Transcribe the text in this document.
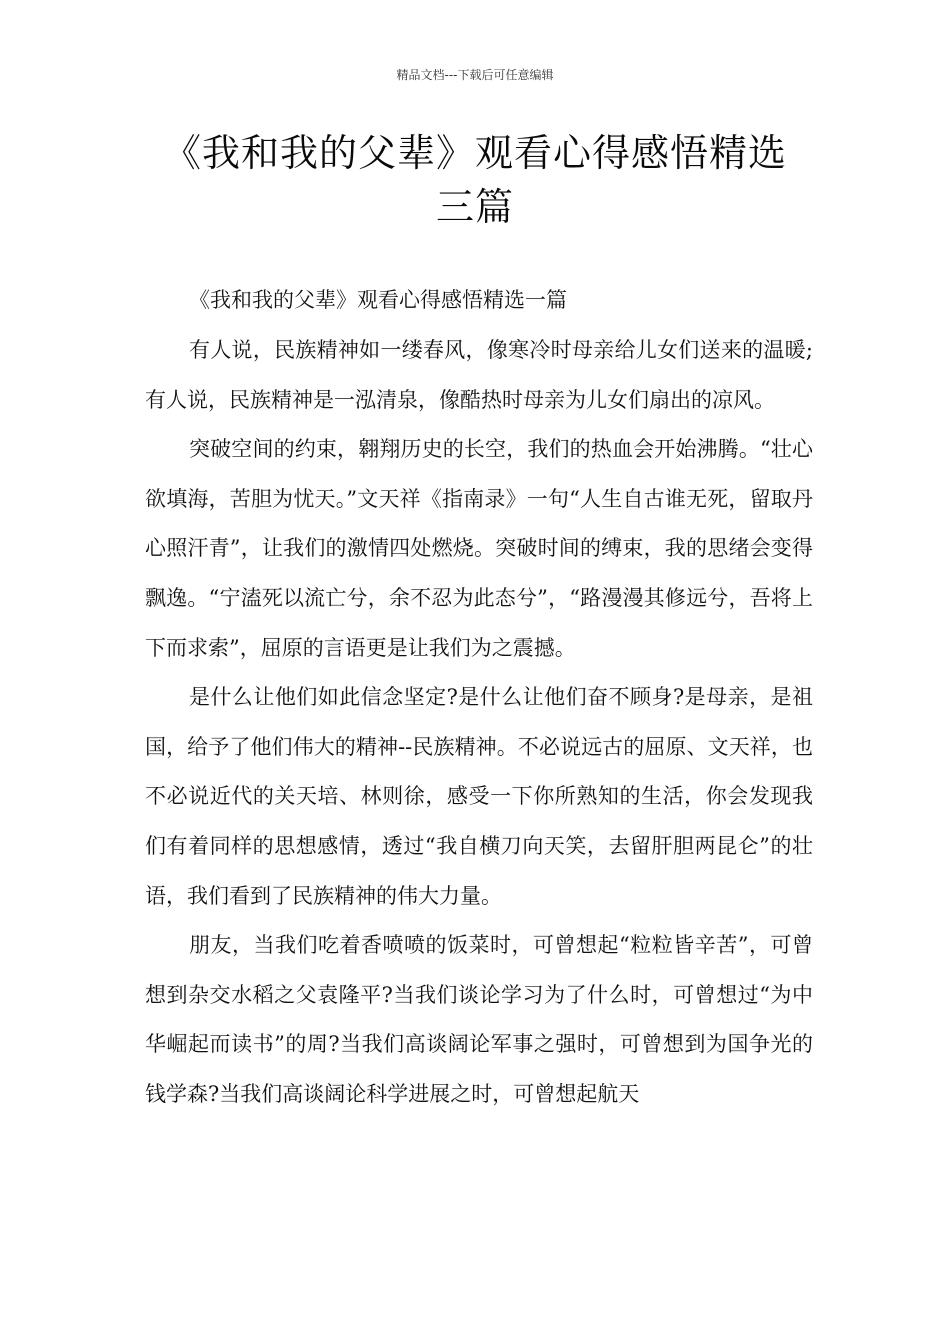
精品文档---下载后可任意编辑
《我和我的父辈》观看心得感悟精选三篇

《我和我的父辈》观看心得感悟精选一篇

有人说，民族精神如一缕春风，像寒冷时母亲给儿女们送来的温暖;有人说，民族精神是一泓清泉，像酷热时母亲为儿女们扇出的凉风。

突破空间的约束，翱翔历史的长空，我们的热血会开始沸腾。“壮心欲填海，苦胆为忧天。”文天祥《指南录》一句“人生自古谁无死，留取丹心照汗青”，让我们的激情四处燃烧。突破时间的缚束，我的思绪会变得飘逸。“宁溘死以流亡兮，余不忍为此态兮”，“路漫漫其修远兮，吾将上下而求索”，屈原的言语更是让我们为之震撼。

是什么让他们如此信念坚定?是什么让他们奋不顾身?是母亲，是祖国，给予了他们伟大的精神--民族精神。不必说远古的屈原、文天祥，也不必说近代的关天培、林则徐，感受一下你所熟知的生活，你会发现我们有着同样的思想感情，透过“我自横刀向天笑，去留肝胆两昆仑”的壮语，我们看到了民族精神的伟大力量。

朋友，当我们吃着香喷喷的饭菜时，可曾想起“粒粒皆辛苦”，可曾想到杂交水稻之父袁隆平?当我们谈论学习为了什么时，可曾想过“为中华崛起而读书”的周?当我们高谈阔论军事之强时，可曾想到为国争光的钱学森?当我们高谈阔论科学进展之时，可曾想起航天
